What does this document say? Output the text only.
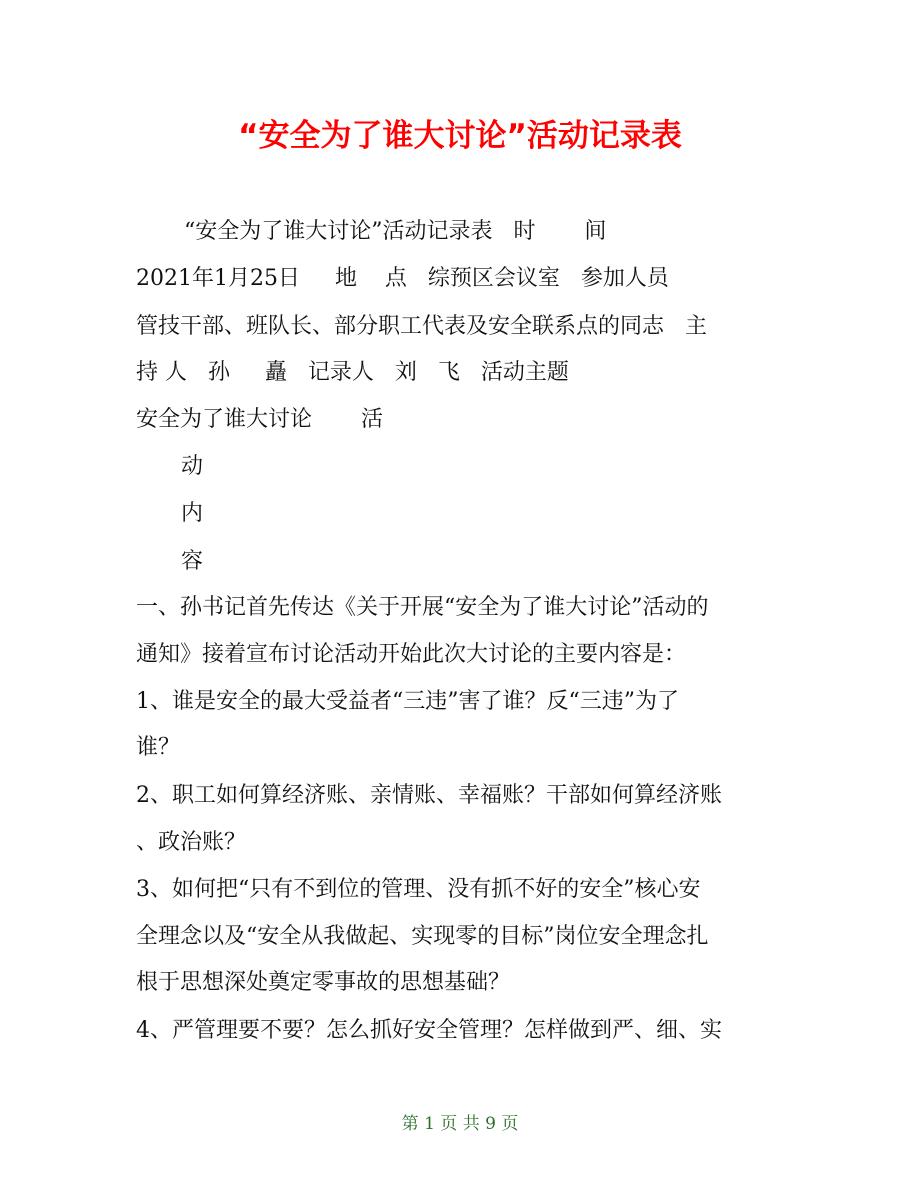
“安全为了谁大讨论”活动记录表
“安全为了谁大讨论”活动记录表   时       间
2021年1月25日     地    点   综预区会议室   参加人员
管技干部、班队长、部分职工代表及安全联系点的同志   主
持 人   孙     矗   记录人   刘   飞   活动主题
安全为了谁大讨论       活
动
内
容
一、孙书记首先传达《关于开展“安全为了谁大讨论”活动的
通知》接着宣布讨论活动开始此次大讨论的主要内容是：
1、谁是安全的最大受益者“三违”害了谁？反“三违”为了
谁？
2、职工如何算经济账、亲情账、幸福账？干部如何算经济账
、政治账？
3、如何把“只有不到位的管理、没有抓不好的安全”核心安
全理念以及“安全从我做起、实现零的目标”岗位安全理念扎
根于思想深处奠定零事故的思想基础？
4、严管理要不要？怎么抓好安全管理？怎样做到严、细、实
第 1 页 共 9 页
